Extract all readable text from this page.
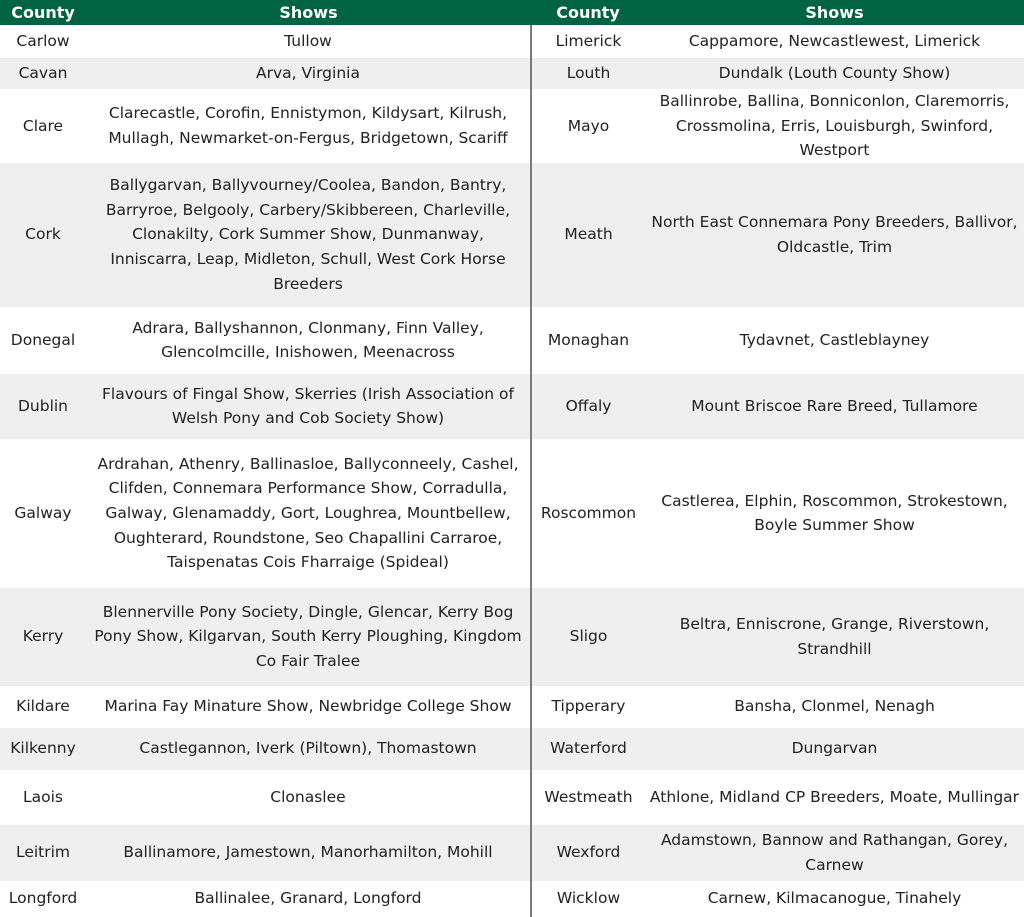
County	Shows	County	Shows
Carlow	Tullow	Limerick	Cappamore, Newcastlewest, Limerick
Cavan	Arva, Virginia	Louth	Dundalk (Louth County Show)
Clare	Clarecastle, Corofin, Ennistymon, Kildysart, Kilrush, Mullagh, Newmarket-on-Fergus, Bridgetown, Scariff	Mayo	Ballinrobe, Ballina, Bonniconlon, Claremorris, Crossmolina, Erris, Louisburgh, Swinford, Westport
Cork	Ballygarvan, Ballyvourney/Coolea, Bandon, Bantry, Barryroe, Belgooly, Carbery/Skibbereen, Charleville, Clonakilty, Cork Summer Show, Dunmanway, Inniscarra, Leap, Midleton, Schull, West Cork Horse Breeders	Meath	North East Connemara Pony Breeders, Ballivor, Oldcastle, Trim
Donegal	Adrara, Ballyshannon, Clonmany, Finn Valley, Glencolmcille, Inishowen, Meenacross	Monaghan	Tydavnet, Castleblayney
Dublin	Flavours of Fingal Show, Skerries (Irish Association of Welsh Pony and Cob Society Show)	Offaly	Mount Briscoe Rare Breed, Tullamore
Galway	Ardrahan, Athenry, Ballinasloe, Ballyconneely, Cashel, Clifden, Connemara Performance Show, Corradulla, Galway, Glenamaddy, Gort, Loughrea, Mountbellew, Oughterard, Roundstone, Seo Chapallini Carraroe, Taispenatas Cois Fharraige (Spideal)	Roscommon	Castlerea, Elphin, Roscommon, Strokestown, Boyle Summer Show
Kerry	Blennerville Pony Society, Dingle, Glencar, Kerry Bog Pony Show, Kilgarvan, South Kerry Ploughing, Kingdom Co Fair Tralee	Sligo	Beltra, Enniscrone, Grange, Riverstown, Strandhill
Kildare	Marina Fay Minature Show, Newbridge College Show	Tipperary	Bansha, Clonmel, Nenagh
Kilkenny	Castlegannon, Iverk (Piltown), Thomastown	Waterford	Dungarvan
Laois	Clonaslee	Westmeath	Athlone, Midland CP Breeders, Moate, Mullingar
Leitrim	Ballinamore, Jamestown, Manorhamilton, Mohill	Wexford	Adamstown, Bannow and Rathangan, Gorey, Carnew
Longford	Ballinalee, Granard, Longford	Wicklow	Carnew, Kilmacanogue, Tinahely
